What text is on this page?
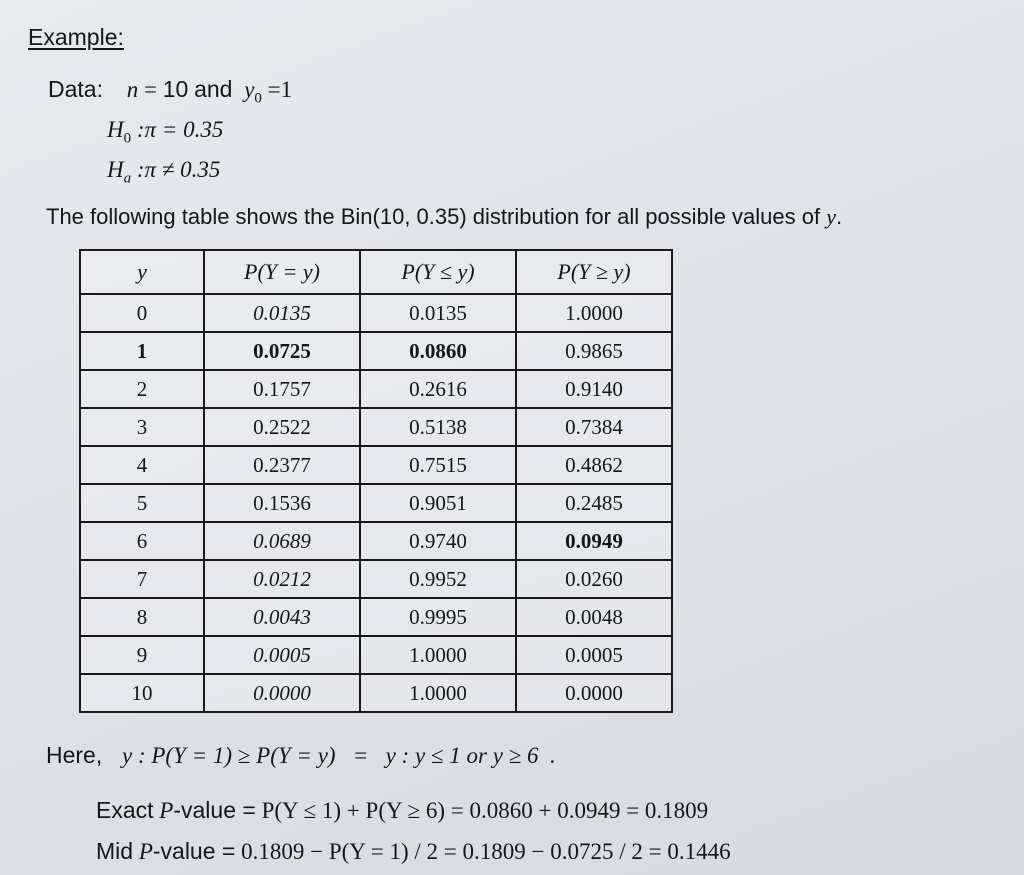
Example:
Data: n = 10 and $y_0 =1$
$H_0$ :π = 0.35
$H_a$ :π ≠ 0.35
The following table shows the Bin(10, 0.35) distribution for all possible values of y.
y	P(Y = y)	P(Y ≤ y)	P(Y ≥ y)
0	0.0135	0.0135	1.0000
1	0.0725	0.0860	0.9865
2	0.1757	0.2616	0.9140
3	0.2522	0.5138	0.7384
4	0.2377	0.7515	0.4862
5	0.1536	0.9051	0.2485
6	0.0689	0.9740	0.0949
7	0.0212	0.9952	0.0260
8	0.0043	0.9995	0.0048
9	0.0005	1.0000	0.0005
10	0.0000	1.0000	0.0000
Here, y : P(Y = 1) ≥ P(Y = y)   =   y : y ≤ 1 or y ≥ 6  .
Exact P-value = P(Y ≤ 1) + P(Y ≥ 6) = 0.0860 + 0.0949 = 0.1809
Mid P-value = 0.1809 − P(Y = 1) / 2 = 0.1809 − 0.0725 / 2 = 0.1446
